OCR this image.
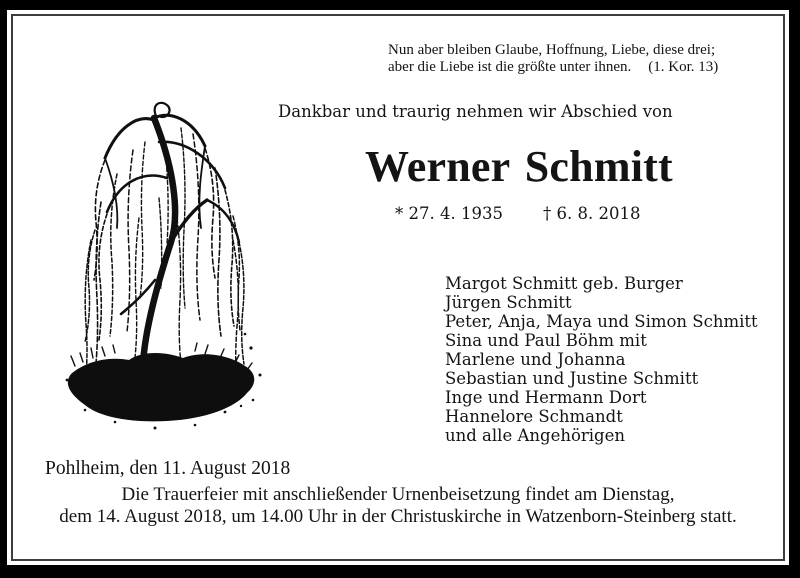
Nun aber bleiben Glaube, Hoffnung, Liebe, diese drei;
aber die Liebe ist die größte unter ihnen. (1. Kor. 13)
Dankbar und traurig nehmen wir Abschied von
Werner Schmitt
* 27. 4. 1935 † 6. 8. 2018
Margot Schmitt geb. Burger
Jürgen Schmitt
Peter, Anja, Maya und Simon Schmitt
Sina und Paul Böhm mit
Marlene und Johanna
Sebastian und Justine Schmitt
Inge und Hermann Dort
Hannelore Schmandt
und alle Angehörigen
Pohlheim, den 11. August 2018
Die Trauerfeier mit anschließender Urnenbeisetzung findet am Dienstag,
dem 14. August 2018, um 14.00 Uhr in der Christuskirche in Watzenborn-Steinberg statt.
